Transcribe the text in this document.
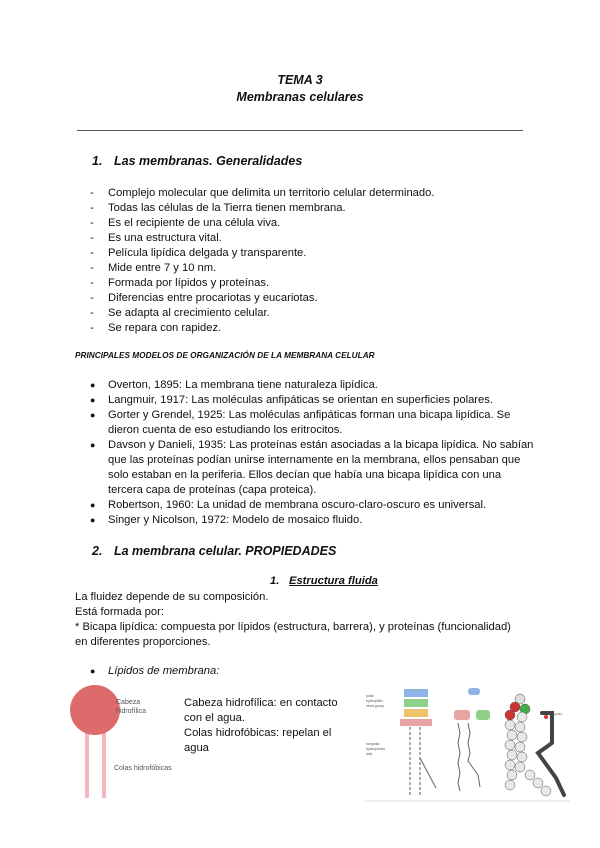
TEMA 3
Membranas celulares
1. Las membranas. Generalidades
- Complejo molecular que delimita un territorio celular determinado.
- Todas las células de la Tierra tienen membrana.
- Es el recipiente de una célula viva.
- Es una estructura vital.
- Película lipídica delgada y transparente.
- Mide entre 7 y 10 nm.
- Formada por lípidos y proteínas.
- Diferencias entre procariotas y eucariotas.
- Se adapta al crecimiento celular.
- Se repara con rapidez.
PRINCIPALES MODELOS DE ORGANIZACIÓN DE LA MEMBRANA CELULAR
● Overton, 1895: La membrana tiene naturaleza lipídica.
● Langmuir, 1917: Las moléculas anfipáticas se orientan en superficies polares.
● Gorter y Grendel, 1925: Las moléculas anfipáticas forman una bicapa lipídica. Se dieron cuenta de eso estudiando los eritrocitos.
● Davson y Danieli, 1935: Las proteínas están asociadas a la bicapa lipídica. No sabían que las proteínas podían unirse internamente en la membrana, ellos pensaban que solo estaban en la periferia. Ellos decían que había una bicapa lipídica con una tercera capa de proteínas (capa proteica).
● Robertson, 1960: La unidad de membrana oscuro-claro-oscuro es universal.
● Singer y Nicolson, 1972: Modelo de mosaico fluido.
2. La membrana celular. PROPIEDADES
1. Estructura fluida
La fluidez depende de su composición.
Está formada por:
* Bicapa lipídica: compuesta por lípidos (estructura, barrera), y proteínas (funcionalidad) en diferentes proporciones.
● Lípidos de membrana:
Cabeza hidrofílica
Colas hidrofóbicas
Cabeza hidrofílica: en contacto con el agua.
Colas hidrofóbicas: repelan el agua
polar
hydrophilic
head group
nonpolar
hydrophobic
tails
hydrophilic
